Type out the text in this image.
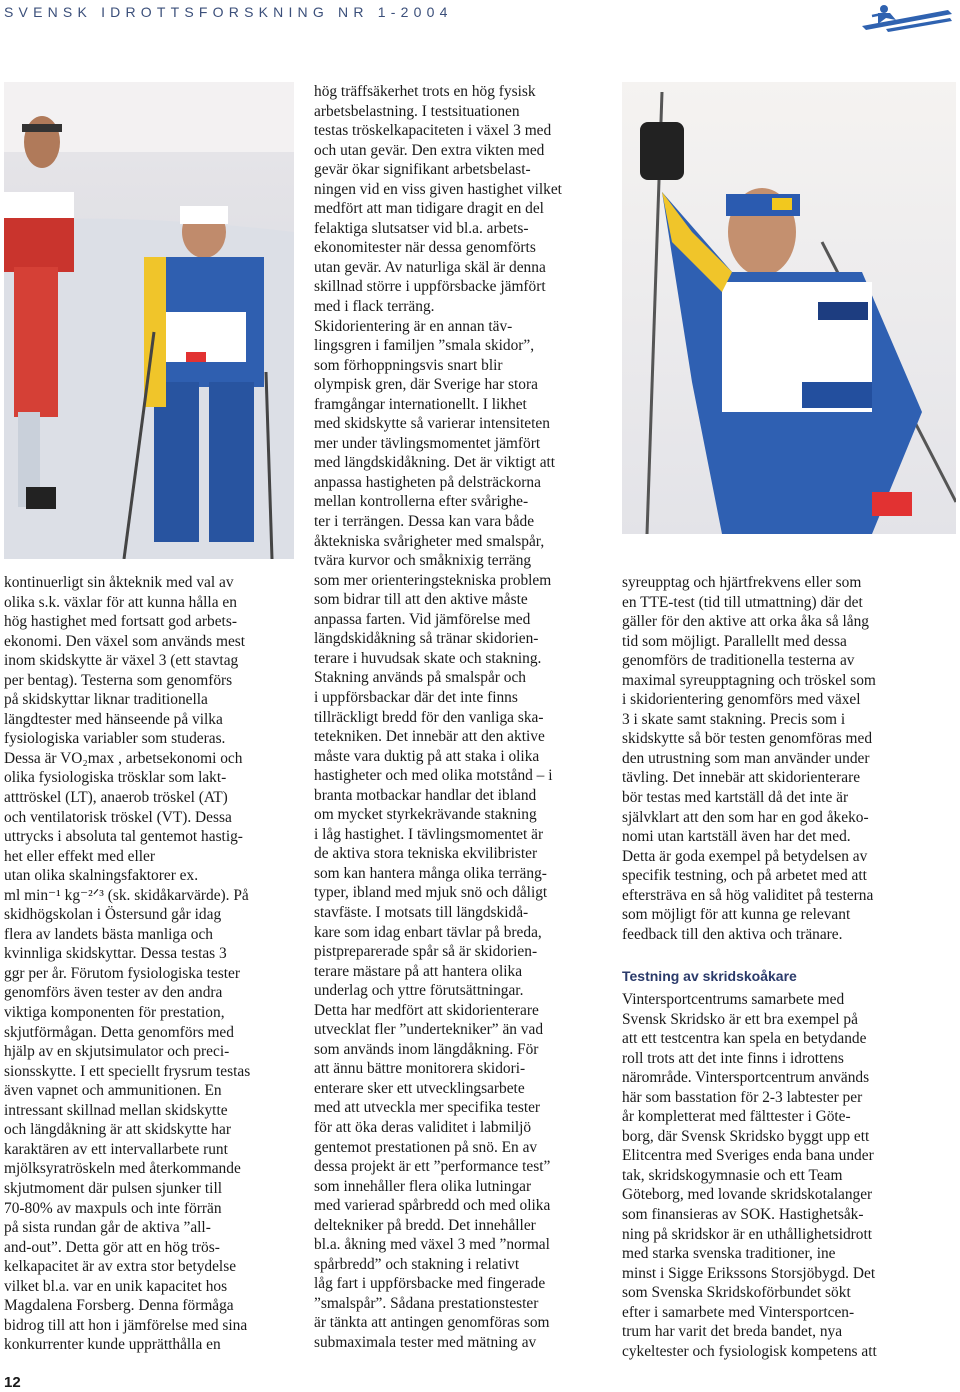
SVENSK IDROTTSFORSKNING NR 1-2004

kontinuerligt sin åkteknik med val av
olika s.k. växlar för att kunna hålla en
hög hastighet med fortsatt god arbets-
ekonomi. Den växel som används mest
inom skidskytte är växel 3 (ett stavtag
per bentag). Testerna som genomförs
på skidskyttar liknar traditionella
längdtester med hänseende på vilka
fysiologiska variabler som studeras.
Dessa är VO₂max , arbetsekonomi och
olika fysiologiska trösklar som lakt-
atttröskel (LT), anaerob tröskel (AT)
och ventilatorisk tröskel (VT). Dessa
uttrycks i absoluta tal gentemot hastig-
het eller effekt med eller
utan olika skalningsfaktorer ex.
ml min⁻¹ kg⁻²ᐟ³ (sk. skidåkarvärde). På
skidhögskolan i Östersund går idag
flera av landets bästa manliga och
kvinnliga skidskyttar. Dessa testas 3
ggr per år. Förutom fysiologiska tester
genomförs även tester av den andra
viktiga komponenten för prestation,
skjutförmågan. Detta genomförs med
hjälp av en skjutsimulator och preci-
sionsskytte. I ett speciellt frysrum testas
även vapnet och ammunitionen. En
intressant skillnad mellan skidskytte
och längdåkning är att skidskytte har
karaktären av ett intervallarbete runt
mjölksyratröskeln med återkommande
skjutmoment där pulsen sjunker till
70-80% av maxpuls och inte förrän
på sista rundan går de aktiva ”all-
and-out”. Detta gör att en hög trös-
kelkapacitet är av extra stor betydelse
vilket bl.a. var en unik kapacitet hos
Magdalena Forsberg. Denna förmåga
bidrog till att hon i jämförelse med sina
konkurrenter kunde upprätthålla en

hög träffsäkerhet trots en hög fysisk
arbetsbelastning. I testsituationen
testas tröskelkapaciteten i växel 3 med
och utan gevär. Den extra vikten med
gevär ökar signifikant arbetsbelast-
ningen vid en viss given hastighet vilket
medfört att man tidigare dragit en del
felaktiga slutsatser vid bl.a. arbets-
ekonomitester när dessa genomförts
utan gevär. Av naturliga skäl är denna
skillnad större i uppförsbacke jämfört
med i flack terräng.
Skidorientering är en annan täv-
lingsgren i familjen ”smala skidor”,
som förhoppningsvis snart blir
olympisk gren, där Sverige har stora
framgångar internationellt. I likhet
med skidskytte så varierar intensiteten
mer under tävlingsmomentet jämfört
med längdskidåkning. Det är viktigt att
anpassa hastigheten på delsträckorna
mellan kontrollerna efter svårighe-
ter i terrängen. Dessa kan vara både
åktekniska svårigheter med smalspår,
tvära kurvor och småknixig terräng
som mer orienteringstekniska problem
som bidrar till att den aktive måste
anpassa farten. Vid jämförelse med
längdskidåkning så tränar skidorien-
terare i huvudsak skate och stakning.
Stakning används på smalspår och
i uppförsbackar där det inte finns
tillräckligt bredd för den vanliga ska-
tetekniken. Det innebär att den aktive
måste vara duktig på att staka i olika
hastigheter och med olika motstånd – i
branta motbackar handlar det ibland
om mycket styrkekrävande stakning
i låg hastighet. I tävlingsmomentet är
de aktiva stora tekniska ekvilibrister
som kan hantera många olika terräng-
typer, ibland med mjuk snö och dåligt
stavfäste. I motsats till längdskidå-
kare som idag enbart tävlar på breda,
pistpreparerade spår så är skidorien-
terare mästare på att hantera olika
underlag och yttre förutsättningar.
Detta har medfört att skidorienterare
utvecklat fler ”undertekniker” än vad
som används inom längdåkning. För
att ännu bättre monitorera skidori-
enterare sker ett utvecklingsarbete
med att utveckla mer specifika tester
för att öka deras validitet i labmiljö
gentemot prestationen på snö. En av
dessa projekt är ett ”performance test”
som innehåller flera olika lutningar
med varierad spårbredd och med olika
deltekniker på bredd. Det innehåller
bl.a. åkning med växel 3 med ”normal
spårbredd” och stakning i relativt
låg fart i uppförsbacke med fingerade
”smalspår”. Sådana prestationstester
är tänkta att antingen genomföras som
submaximala tester med mätning av

syreupptag och hjärtfrekvens eller som
en TTE-test (tid till utmattning) där det
gäller för den aktive att orka åka så lång
tid som möjligt. Parallellt med dessa
genomförs de traditionella testerna av
maximal syreupptagning och tröskel som
i skidorientering genomförs med växel
3 i skate samt stakning. Precis som i
skidskytte så bör testen genomföras med
den utrustning som man använder under
tävling. Det innebär att skidorienterare
bör testas med kartställ då det inte är
självklart att den som har en god åkeko-
nomi utan kartställ även har det med.
Detta är goda exempel på betydelsen av
specifik testning, och på arbetet med att
eftersträva en så hög validitet på testerna
som möjligt för att kunna ge relevant
feedback till den aktiva och tränare.

Testning av skridskoåkare

Vintersportcentrums samarbete med
Svensk Skridsko är ett bra exempel på
att ett testcentra kan spela en betydande
roll trots att det inte finns i idrottens
närområde. Vintersportcentrum används
här som basstation för 2-3 labtester per
år kompletterat med fälttester i Göte-
borg, där Svensk Skridsko byggt upp ett
Elitcentra med Sveriges enda bana under
tak, skridskogymnasie och ett Team
Göteborg, med lovande skridskotalanger
som finansieras av SOK. Hastighetsåk-
ning på skridskor är en uthållighetsidrott
med starka svenska traditioner, ine
minst i Sigge Erikssons Storsjöbygd. Det
som Svenska Skridskoförbundet sökt
efter i samarbete med Vintersportcen-
trum har varit det breda bandet, nya
cykeltester och fysiologisk kompetens att

12
